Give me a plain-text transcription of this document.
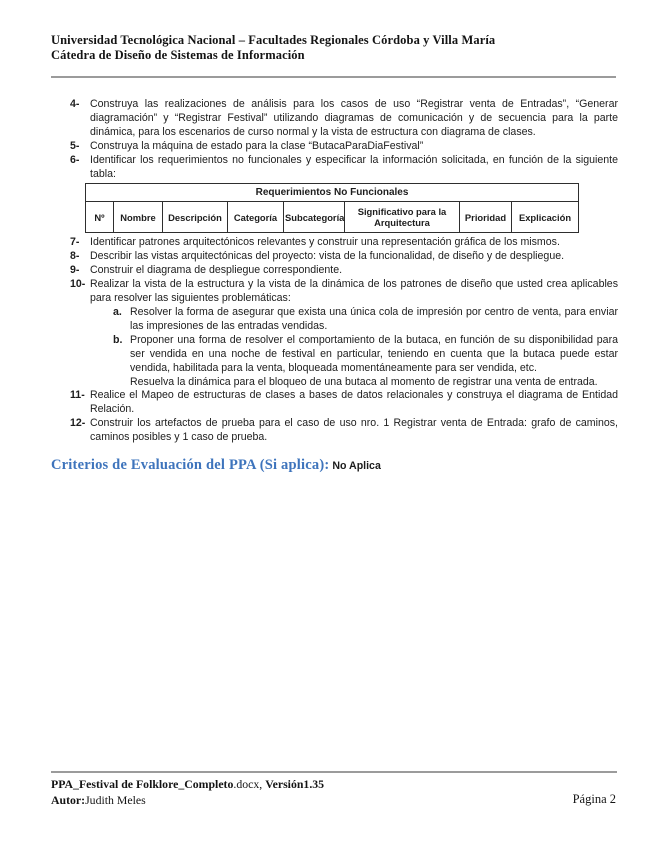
Universidad Tecnológica Nacional – Facultades Regionales Córdoba y Villa María
Cátedra de Diseño de Sistemas de Información
4- Construya las realizaciones de análisis para los casos de uso “Registrar venta de Entradas”, “Generar diagramación” y “Registrar Festival” utilizando diagramas de comunicación y de secuencia para la parte dinámica, para los escenarios de curso normal y la vista de estructura con diagrama de clases.
5- Construya la máquina de estado para la clase “ButacaParaDiaFestival”
6- Identificar los requerimientos no funcionales y especificar la información solicitada, en función de la siguiente tabla:
Requerimientos No Funcionales
Nº	Nombre	Descripción	Categoría	Subcategoría	Significativo para la Arquitectura	Prioridad	Explicación
7- Identificar patrones arquitectónicos relevantes y construir una representación gráfica de los mismos.
8- Describir las vistas arquitectónicas del proyecto: vista de la funcionalidad, de diseño y de despliegue.
9- Construir el diagrama de despliegue correspondiente.
10- Realizar la vista de la estructura y la vista de la dinámica de los patrones de diseño que usted crea aplicables para resolver las siguientes problemáticas:
a. Resolver la forma de asegurar que exista una única cola de impresión por centro de venta, para enviar las impresiones de las entradas vendidas.
b. Proponer una forma de resolver el comportamiento de la butaca, en función de su disponibilidad para ser vendida en una noche de festival en particular, teniendo en cuenta que la butaca puede estar vendida, habilitada para la venta, bloqueada momentáneamente para ser vendida, etc.
Resuelva la dinámica para el bloqueo de una butaca al momento de registrar una venta de entrada.
11- Realice el Mapeo de estructuras de clases a bases de datos relacionales y construya el diagrama de Entidad Relación.
12- Construir los artefactos de prueba para el caso de uso nro. 1 Registrar venta de Entrada: grafo de caminos, caminos posibles y 1 caso de prueba.
Criterios de Evaluación del PPA (Si aplica): No Aplica
PPA_Festival de Folklore_Completo.docx, Versión1.35
Autor:Judith Meles	Página 2
